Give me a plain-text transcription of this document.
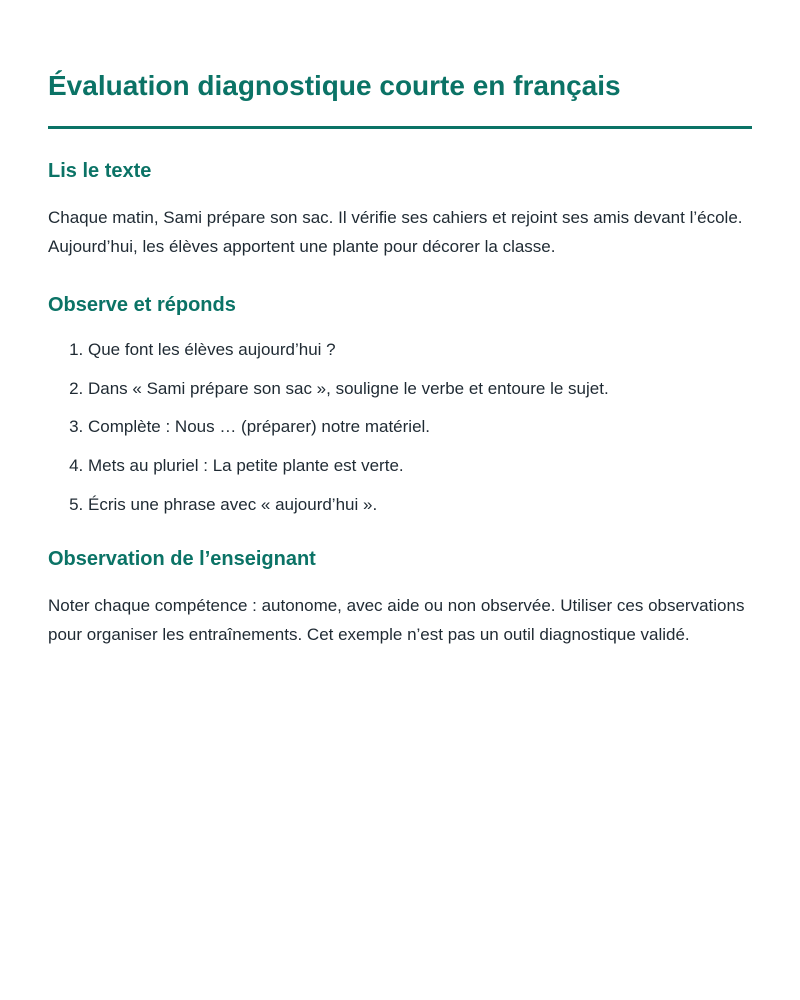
Évaluation diagnostique courte en français
Lis le texte

Chaque matin, Sami prépare son sac. Il vérifie ses cahiers et rejoint ses amis devant l’école. Aujourd’hui, les élèves apportent une plante pour décorer la classe.

Observe et réponds
1. Que font les élèves aujourd’hui ?
2. Dans « Sami prépare son sac », souligne le verbe et entoure le sujet.
3. Complète : Nous … (préparer) notre matériel.
4. Mets au pluriel : La petite plante est verte.
5. Écris une phrase avec « aujourd’hui ».
Observation de l’enseignant

Noter chaque compétence : autonome, avec aide ou non observée. Utiliser ces observations pour organiser les entraînements. Cet exemple n’est pas un outil diagnostique validé.
